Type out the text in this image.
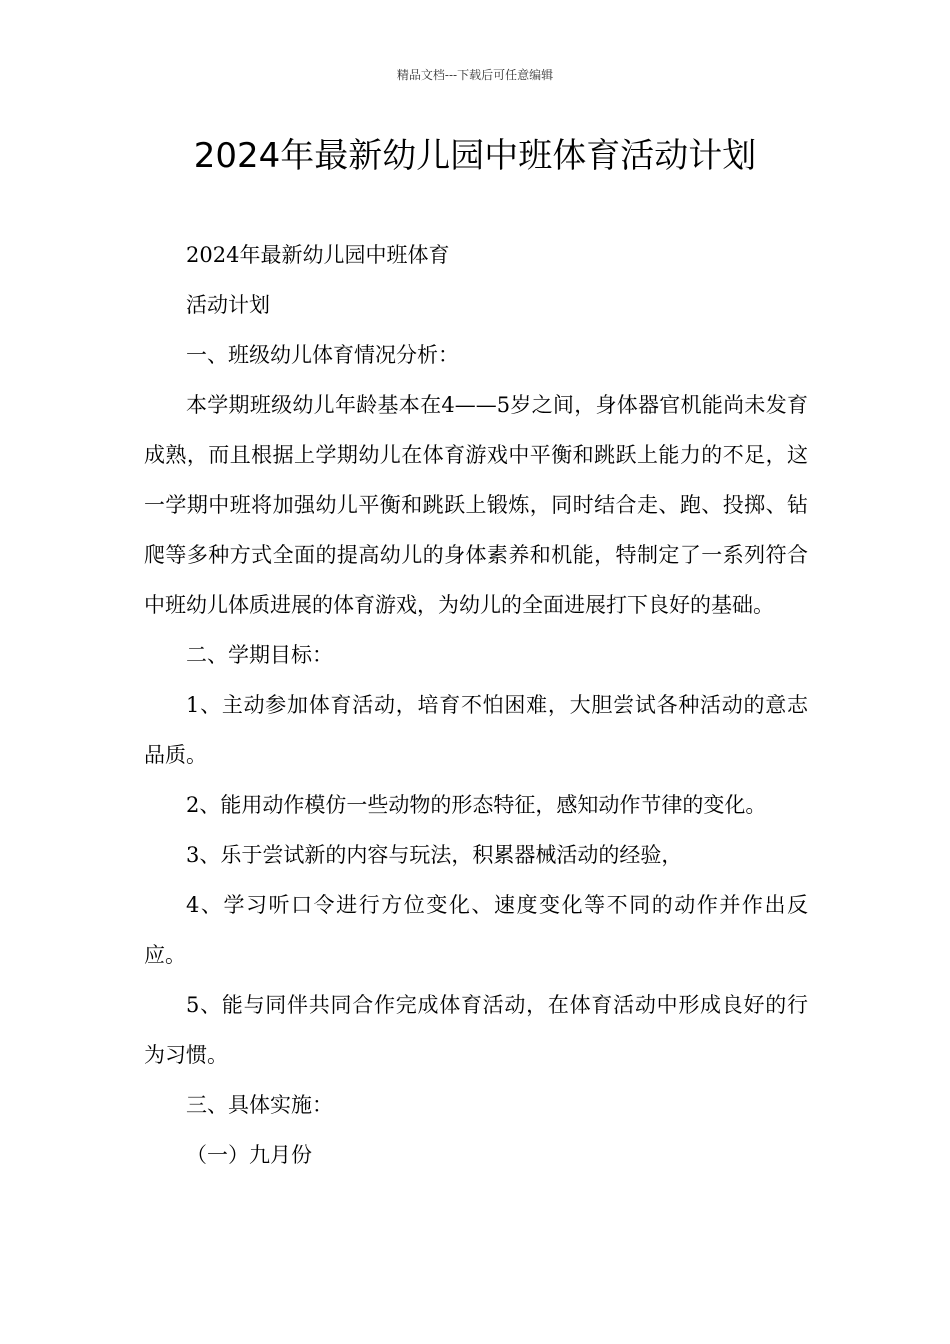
精品文档---下载后可任意编辑
2024年最新幼儿园中班体育活动计划

2024年最新幼儿园中班体育

活动计划

一、班级幼儿体育情况分析：

本学期班级幼儿年龄基本在4——5岁之间，身体器官机能尚未发育成熟，而且根据上学期幼儿在体育游戏中平衡和跳跃上能力的不足，这一学期中班将加强幼儿平衡和跳跃上锻炼，同时结合走、跑、投掷、钻爬等多种方式全面的提高幼儿的身体素养和机能，特制定了一系列符合中班幼儿体质进展的体育游戏，为幼儿的全面进展打下良好的基础。

二、学期目标：

1、主动参加体育活动，培育不怕困难，大胆尝试各种活动的意志品质。

2、能用动作模仿一些动物的形态特征，感知动作节律的变化。

3、乐于尝试新的内容与玩法，积累器械活动的经验，

4、学习听口令进行方位变化、速度变化等不同的动作并作出反应。

5、能与同伴共同合作完成体育活动，在体育活动中形成良好的行为习惯。

三、具体实施：

（一）九月份
